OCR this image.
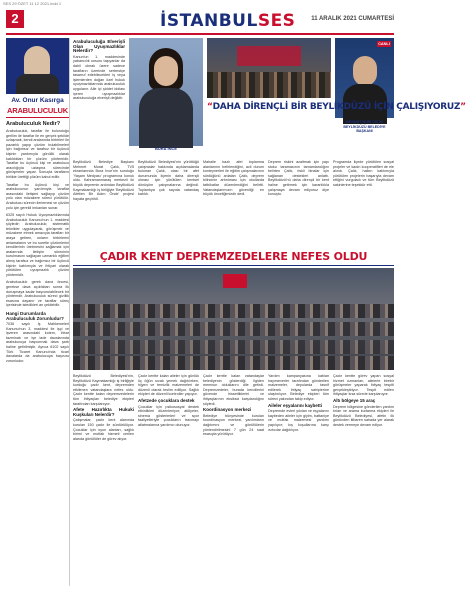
SES 29 ÖZET 11 12 2021.indd 1
2	İSTANBULSES	11 ARALIK 2021 CUMARTESİ
Av. Onur Kasırga
ARABULUCULUK
Arabuluculuk Nedir?
Arabuluculuk, taraflar ile bulunduğu gerilim ile taraflar ile en gerçek şekilde uzlaşmak, kendi aralarında birbirleri ile pazarlık yapıp çözüm bulabilmeleri için bağımsız ve tarafsız bir üçüncü kişinin yardımıyla gönüllü olarak katıldıkları bir çözüm yöntemidir. Taraflar bu üçüncü kişi ve arabulucu aracılığıyla uzlaşma sürecinde görüşmeler yapar. Sonuçta tarafların birlikte ürettiği çözüm kabul edilir.
Taraflar bu üçüncü kişi ve arabulucunun yardımıyla taraflar arasındaki iletişimi sağlayıp çözüm yolu olan müzakere süreci yürütülür. Arabulucu sürecin ilerlemesi ve çözüm yolu için gerekli imkanları sunar.
6325 sayılı Hukuk Uyuşmazlıklarında Arabuluculuk Kanunu'nun 1. maddesi şöyledir: Arabuluculuk; sistematik teknikler uygulayarak, görüşmek ve müzakere etmek amacıyla tarafları bir araya getiren, onların birbirlerini anlamalarını ve bu suretle çözümlerini kendilerinin üretmesini sağlamak için aralarında iletişim sürecinin kurulmasını sağlayan uzmanlık eğitimi almış tarafsız ve bağımsız bir üçüncü kişinin katılımıyla ve ihtiyari olarak yürütülen uyuşmazlık çözüm yöntemidir.
Arabuluculuk gerek dava öncesi, gerekse dava açıldıktan sonra ilk duruşmaya kadar başvurulabilecek bir yöntemdir. Arabuluculuk süreci gizlilik esasına dayanır ve taraflar süreç içerisinde istedikleri an çekilebilir.
Hangi Durumlarda Arabuluculuk Zorunludur?
7036 sayılı İş Mahkemeleri Kanunu'nun 3. maddesi ile işçi ve işveren arasındaki kıdem, ihbar tazminatı ve işe iade davalarında arabulucuya başvurmak dava şartı haline getirilmiştir. Ayrıca 6102 sayılı Türk Ticaret Kanunu'nda ticari davalarda da arabulucuya başvuru zorunludur.
Arabuluculuğa Elverişli Olan Uyuşmazlıklar Nelerdir?
Kanun'un 1. maddesinde yabancılık unsuru taşıyanlar da dahil olmak üzere sadece tarafların üzerinde serbestçe tasarruf edebilecekleri iş veya işlemlerden doğan özel hukuk uyuşmazlıklarında arabuluculuk uygulanır. Aile içi şiddet iddiası içeren uyuşmazlıklar arabuluculuğa elverişli değildir.
BURA İNCE
CANLI
MEHMET NURİ ÇELİK BEYLİKDÜZÜ BELEDİYE BAŞKANI
“DAHA DİRENÇLİ BİR BEYLİKDÜZÜ İÇİN ÇALIŞIYORUZ”
Beylikdüzü Belediye Başkanı Mehmet Murat Çalık, TV5 ekranlarında Bura İnce'nin sunduğu 'Yaşam Medyası' programına konuk oldu. Kahramanmaraş merkezli iki büyük depremin ardından Beylikdüzü Kaymakamlığı iş birliğiyle 'Beylikdüzü Afetten Bir Adım Önde' projesi hayata geçirildi.
Beylikdüzü Belediyesi'nin yürüttüğü çalışmalar hakkında açıklamalarda bulunan Çalık, olası bir afet durumunda ilçenin daha dirençli olması için yürütülen kentsel dönüşüm çalışmalarına değindi. Toplantıya çok sayıda vatandaş katıldı.
Mahalle bazlı afet toplanma alanlarının belirlendiğini, acil durum konteynerleri ile eğitim çalışmalarının sürdüğünü anlatan Çalık, deprem bilincinin artırılması için okullarda tatbikatlar düzenlendiğini belirtti. Vatandaşlarımızın güvenliği en büyük önceliğimizdir dedi.
Deprem riskini azaltmak için yapı stoku taramasının tamamlandığını belirten Çalık, riskli binalar için sağlanan destekleri anlattı. Beylikdüzü'nü daha dirençli bir kent haline getirmek için kararlılıkla çalışmaya devam ediyoruz diye konuştu.
Programda ilçede yürütülen sosyal projeler ve kadın kooperatifleri de ele alındı. Çalık, halkın katılımıyla yürütülen projelerin başarıyla devam ettiğini vurguladı ve tüm Beylikdüzü sakinlerine teşekkür etti.
ÇADIR KENT DEPREMZEDELERE NEFES OLDU
Beylikdüzü Belediyesi'nin, Beylikdüzü Kaymakamlığı iş birliğiyle kurduğu çadır kent, depremden etkilenen vatandaşlara nefes oldu. Çadır kentte kalan depremzedelerin tüm ihtiyaçları belediye ekipleri tarafından karşılanıyor.
Afete Hazırlıkta Hukuki Kuşkuları Nelerdir?
Çalışmalar, çadır kent alanında kurulan 150 çadır ile sürdürülüyor. Çocuklar için oyun alanları, sağlık birimi ve mutfak hizmeti verilen alanda gönüllüler de görev alıyor.
Çadır kentte kalan aileler için günlük üç öğün sıcak yemek dağıtılırken, hijyen ve temizlik malzemeleri de düzenli olarak teslim ediliyor. Sağlık ekipleri de düzenli kontroller yapıyor.
Afetzede çocuklara destek
Çocuklar için psikososyal destek etkinlikleri düzenleniyor; atölyeler, sinema gösterimleri ve spor faaliyetleriyle çocukların travmayı atlatmalarına yardımcı olunuyor.
Çadır kentte kalan vatandaşlar belediyenin gösterdiği ilgiden memnun olduklarını dile getirdi. Depremzedeler, burada kendilerini güvende hissettiklerini ve ihtiyaçlarının eksiksiz karşılandığını söyledi.
Koordinasyon merkezi
Belediye bünyesinde kurulan koordinasyon merkezi, yardımların dağıtımını ve gönüllülerin yönlendirilmesini 7 gün 24 saat esasıyla yürütüyor.
Yardım kampanyasına katılan hayırseverler tarafından gönderilen malzemeler, depolarda tasnif edilerek ihtiyaç sahiplerine ulaştırılıyor. Belediye ekipleri tüm süreci yakından takip ediyor.
Aileler eşyalarını kaybetti
Depremde evleri yıkılan ve eşyalarını kaybeden aileler için giyim, battaniye ve mutfak malzemesi yardımı yapılıyor; kış koşullarına karşı ısıtıcılar dağıtılıyor.
Çadır kentte görev yapan sosyal hizmet uzmanları, ailelerle birebir görüşmeler yaparak ihtiyaç tespiti gerçekleştiriyor. Tespit edilen ihtiyaçlar kısa sürede karşılanıyor.
Altı bölgeye 15 araç
Deprem bölgesine gönderilen yardım tırları ve arama kurtarma ekipleri ile Beylikdüzü Belediyesi, afetin ilk gününden itibaren sahada yer alarak destek vermeye devam ediyor.
